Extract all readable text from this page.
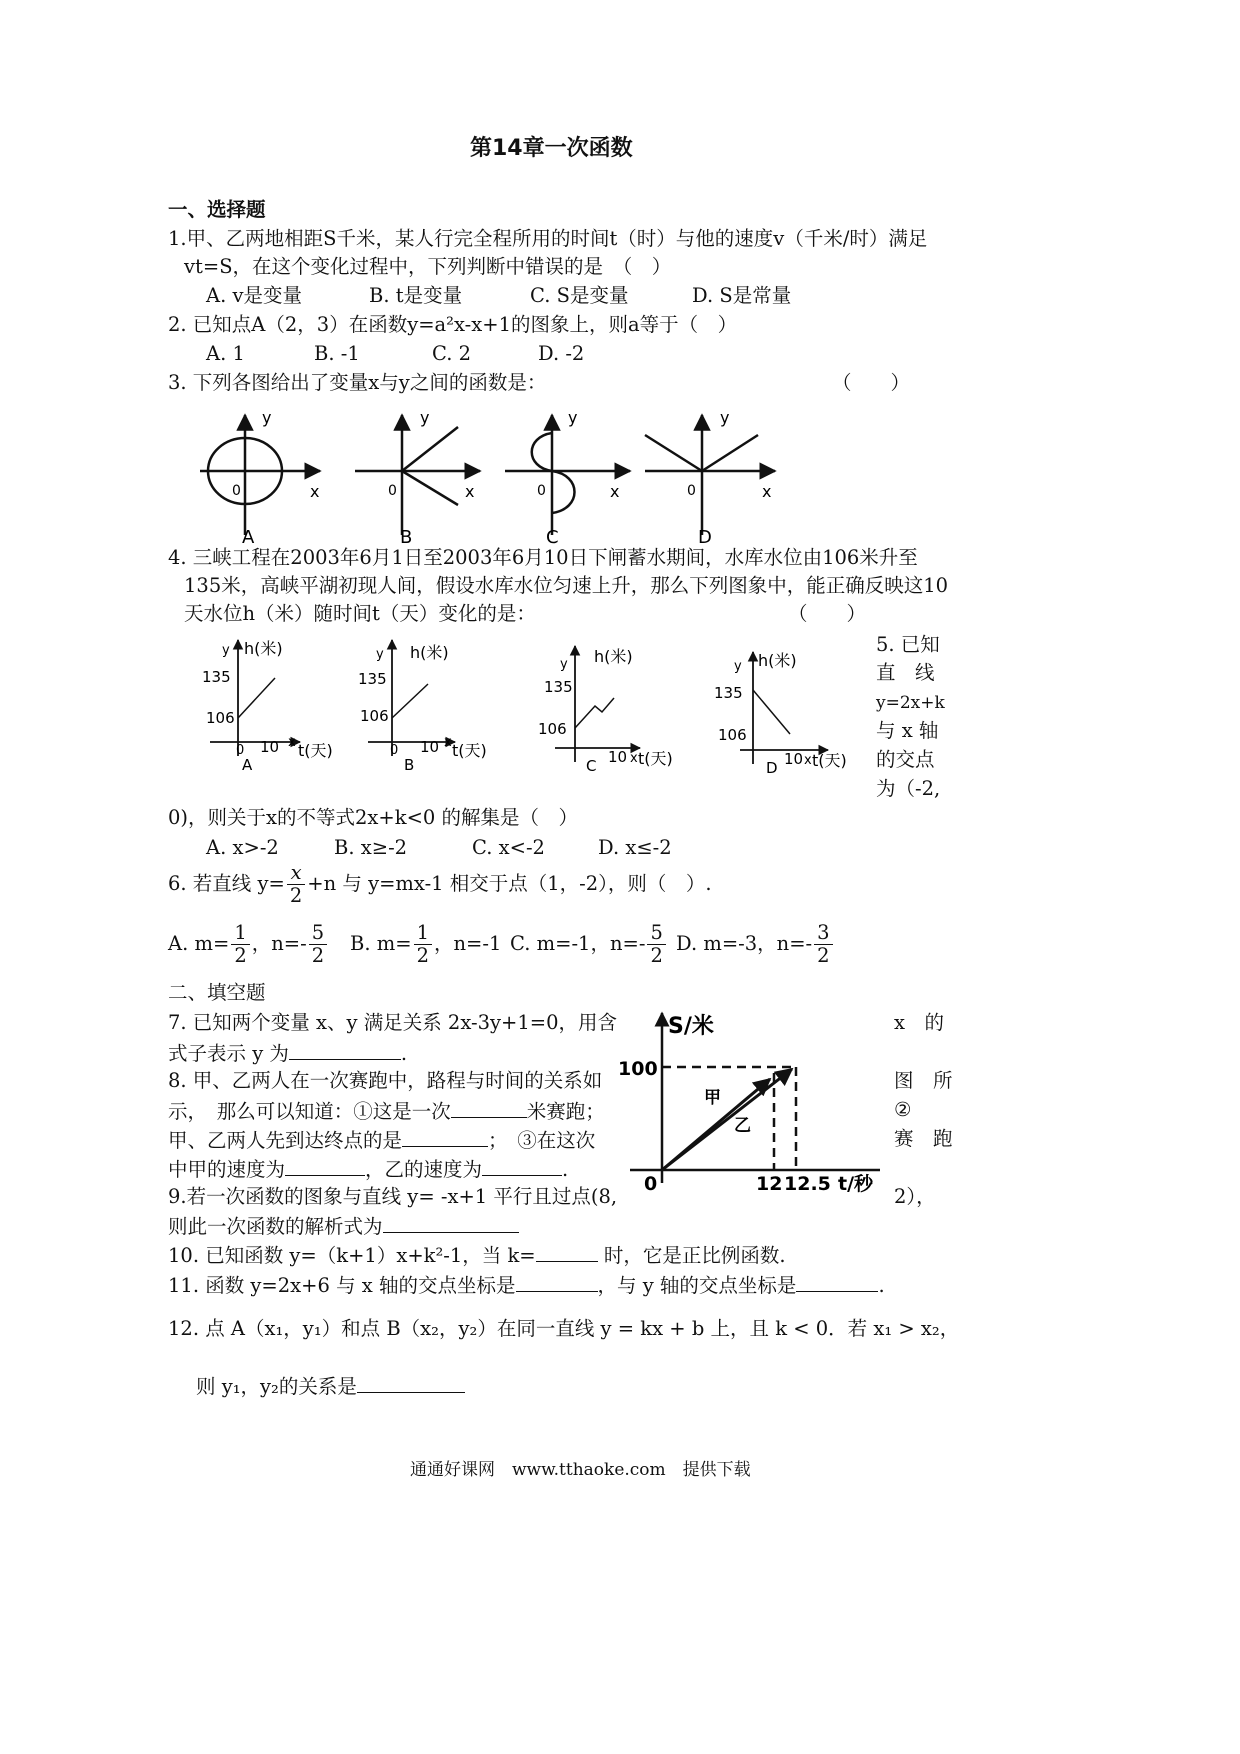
第14章一次函数
一、选择题
1.甲、乙两地相距S千米，某人行完全程所用的时间t（时）与他的速度v（千米/时）满足
vt=S，在这个变化过程中，下列判断中错误的是　（　）
A. v是变量	B. t是变量	C. S是变量	D. S是常量
2. 已知点A（2，3）在函数y=a²x-x+1的图象上，则a等于（　）
A. 1	B. -1	C. 2	D. -2
3. 下列各图给出了变量x与y之间的函数是：	（　　）
y
x
0
A
y
x
0
B
y
x
0
C
y
x
0
D
4. 三峡工程在2003年6月1日至2003年6月10日下闸蓄水期间，水库水位由106米升至
135米，高峡平湖初现人间，假设水库水位匀速上升，那么下列图象中，能正确反映这10
天水位h（米）随时间t（天）变化的是：	（　　）
y h(米)
135
106
0 10 x t(天)
A
y h(米)
135
106
0 10 x t(天)
B
y h(米)
135
106
C 10 x t(天)
y h(米)
135
106
D 10 x t(天)
5. 已知
直　线
y=2x+k
与 x 轴
的交点
为（-2,
0)，则关于x的不等式2x+k<0 的解集是（　）
A. x>-2	B. x≥-2	C. x<-2	D. x≤-2
6. 若直线 $y= \frac{x}{2} +n$ 与 y=mx-1 相交于点（1，-2），则（　）.
A. $m= \frac{1}{2}$ ，$n=- \frac{5}{2} B$. $m= \frac{1}{2}$ ，n=-1 C. m=-1，$n=- \frac{5}{2} D$. m=-3，$n=- \frac{3}{2}$
二、填空题
7. 已知两个变量 x、y 满足关系 2x-3y+1=0，用含	x　的
式子表示 y 为	.
8. 甲、乙两人在一次赛跑中，路程与时间的关系如	图　所
示，　那么可以知道：①这是一次	米赛跑；	②
甲、乙两人先到达终点的是	；　③在这次	赛　跑
中甲的速度为	，乙的速度为	.
S/米
100
0	12 12.5 t/秒
甲
乙
9.若一次函数的图象与直线 y= -x+1 平行且过点(8,	2），
则此一次函数的解析式为
10. 已知函数 y=（k+1）x+k²-1，当 k=	时，它是正比例函数.
11. 函数 y=2x+6 与 x 轴的交点坐标是	，与 y 轴的交点坐标是	.
12. 点 A（x₁，y₁）和点 B（x₂，y₂）在同一直线 y = kx + b 上，且 k < 0．若 x₁ > x₂，
则 y₁，y₂的关系是
通通好课网　www.tthaoke.com　提供下载
